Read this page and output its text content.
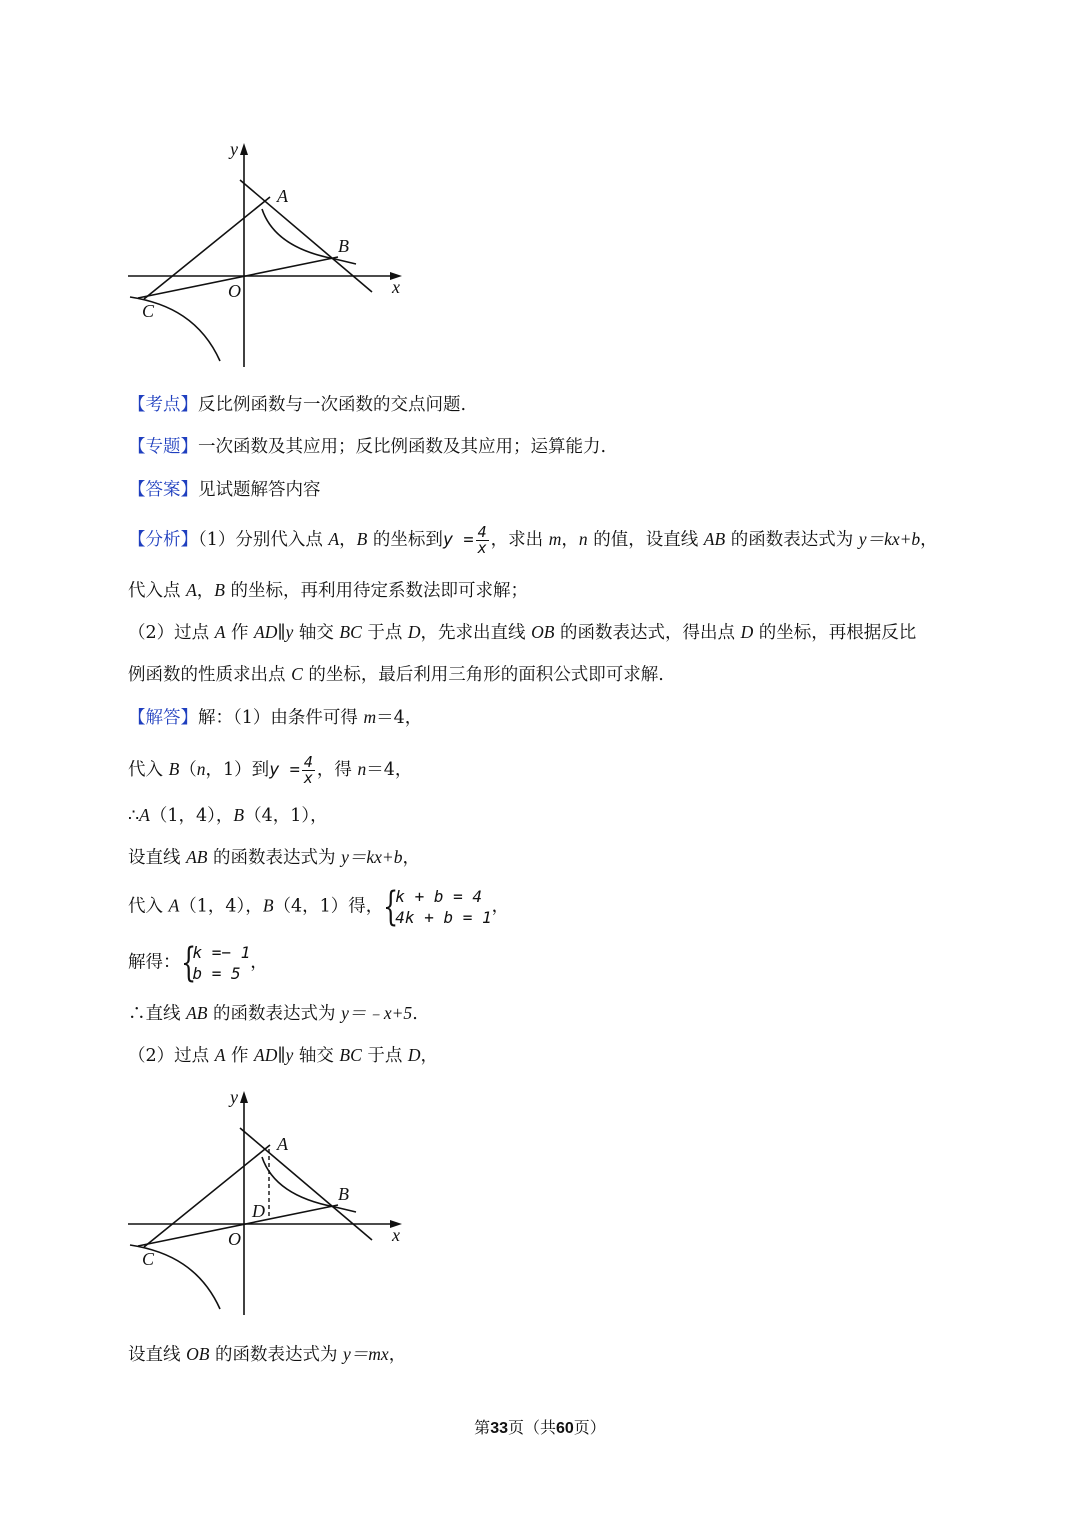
y
x
O
A
B
C
【考点】反比例函数与一次函数的交点问题.
【专题】一次函数及其应用；反比例函数及其应用；运算能力.
【答案】见试题解答内容
【分析】（1）分别代入点 A，B 的坐标到$y = \frac{4}{x}$ ，求出 m，n 的值，设直线 AB 的函数表达式为 y＝kx+b，
代入点 A，B 的坐标，再利用待定系数法即可求解；
（2）过点 A 作 AD∥y 轴交 BC 于点 D，先求出直线 OB 的函数表达式，得出点 D 的坐标，再根据反比
例函数的性质求出点 C 的坐标，最后利用三角形的面积公式即可求解.
【解答】解：（1）由条件可得 m＝4，
代入 B（n，1）到$y = \frac{4}{x}$ ，得 n＝4，
∴A（1，4），B（4，1），
设直线 AB 的函数表达式为 y＝kx+b，
代入 A（1，4），B（4，1）得， {
k + b = 4
4k + b = 1
，
解得： {
k =− 1
b = 5
，
∴直线 AB 的函数表达式为 y＝﹣x+5.
（2）过点 A 作 AD∥y 轴交 BC 于点 D，
y
x
O
A
B
C
D
设直线 OB 的函数表达式为 y＝mx，
第33页（共60页）
